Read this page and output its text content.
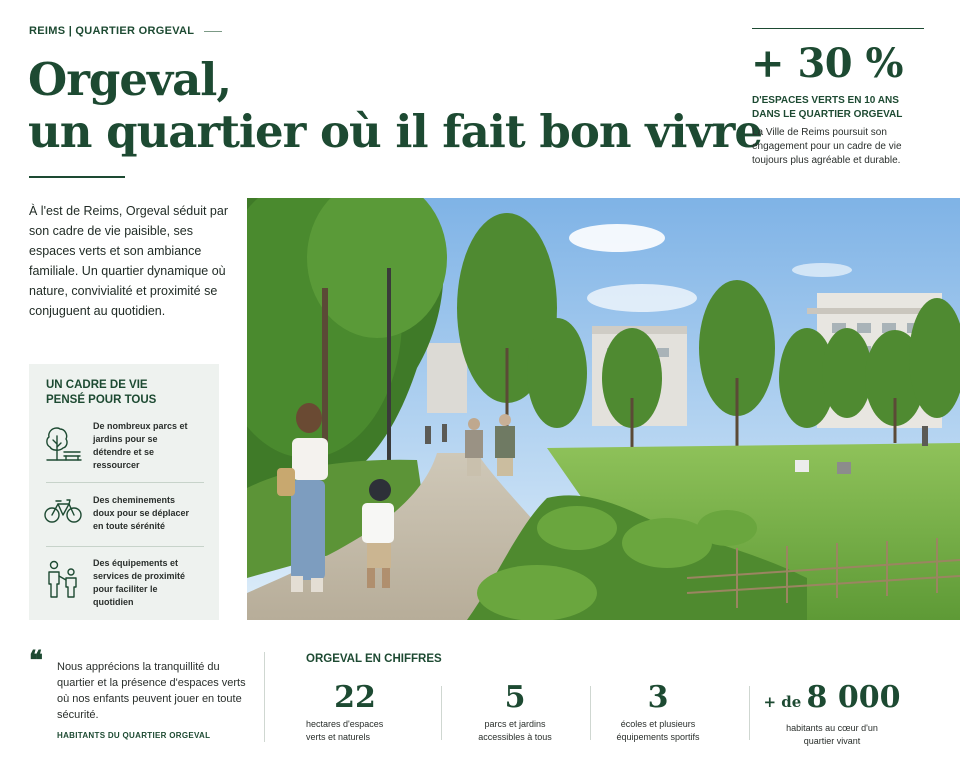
REIMS | QUARTIER ORGEVAL
Orgeval,
un quartier où il fait bon vivre
+ 30 %
D'ESPACES VERTS EN 10 ANS DANS LE QUARTIER ORGEVAL
La Ville de Reims poursuit son engagement pour un cadre de vie toujours plus agréable et durable.
À l'est de Reims, Orgeval séduit par son cadre de vie paisible, ses espaces verts et son ambiance familiale. Un quartier dynamique où nature, convivialité et proximité se conjuguent au quotidien.
UN CADRE DE VIE
PENSÉ POUR TOUS
De nombreux parcs et jardins pour se détendre et se ressourcer
Des cheminements doux pour se déplacer en toute sérénité
Des équipements et services de proximité pour faciliter le quotidien
❝ Nous apprécions la tranquillité du quartier et la présence d'espaces verts où nos enfants peuvent jouer en toute sécurité.
HABITANTS DU QUARTIER ORGEVAL
ORGEVAL EN CHIFFRES
22
hectares d'espaces verts et naturels
5
parcs et jardins accessibles à tous
3
écoles et plusieurs équipements sportifs
+ de 8 000
habitants au cœur d'un quartier vivant
